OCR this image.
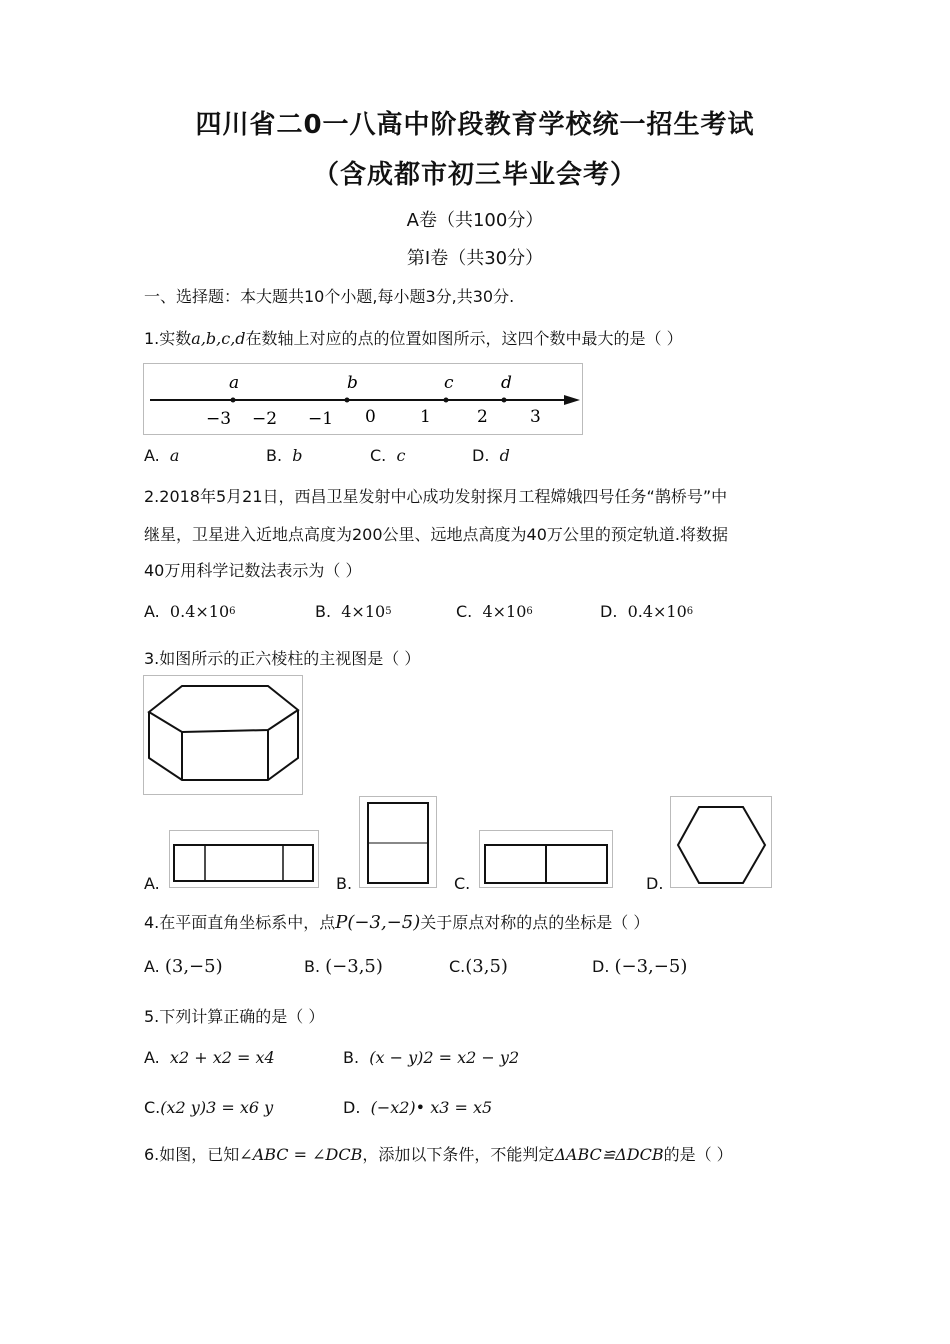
四川省二0一八高中阶段教育学校统一招生考试
（含成都市初三毕业会考）
A卷（共100分）
第Ⅰ卷（共30分）
一、选择题：本大题共10个小题,每小题3分,共30分.
1.实数a,b,c,d在数轴上对应的点的位置如图所示，这四个数中最大的是（ ）
−3 −2 −1 0	1	2 3
a	b	c	d
A. a	B. b	C. c	D. d
2.2018年5月21日，西昌卫星发射中心成功发射探月工程嫦娥四号任务“鹊桥号”中
继星，卫星进入近地点高度为200公里、远地点高度为40万公里的预定轨道.将数据
40万用科学记数法表示为（ ）
A. $0.4\times 10^6$	B. $4\times 10^5$	C. $4\times 10^6$	D. $0.4\times 10^6$
3.如图所示的正六棱柱的主视图是（ ）
A.	B.	C.	D.
4.在平面直角坐标系中，点P(−3,−5)关于原点对称的点的坐标是（ ）
A. (3,−5)	B. (−3,5)	C.(3,5)	D. (−3,−5)
5.下列计算正确的是（ ）
A. x2 + x2 = x4	B. (x − y)2 = x2 − y2
C.(x2 y)3 = x6 y	D. (−x2)• x3 = x5
6.如图，已知∠ABC = ∠DCB，添加以下条件，不能判定ΔABC≌ΔDCB的是（ ）
